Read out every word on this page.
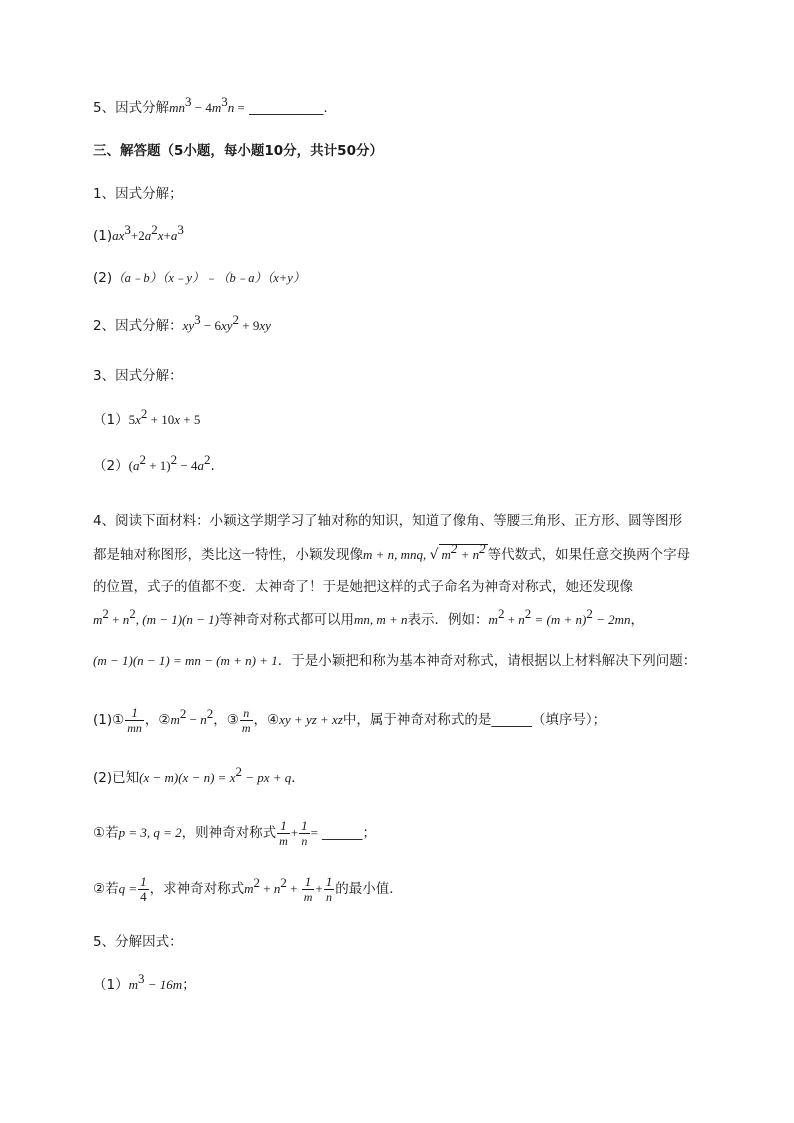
5、因式分解$mn^3 - 4m^3n$ = ___________.
三、解答题（5小题，每小题10分，共计50分）
1、因式分解；
$(1)ax^3+2a^2x+a^3$
(2)（a﹣b）（x﹣y）﹣（b﹣a）（x+y）
2、因式分解：$xy^3 - 6xy^2 + 9xy$
3、因式分解：
$(1)5x^2 + 10x + 5$
$(2)(a^2 + 1)^2 - 4a^2$.
4、阅读下面材料：小颖这学期学习了轴对称的知识，知道了像角、等腰三角形、正方形、圆等图形
都是轴对称图形，类比这一特性，小颖发现像m + n, mnq, √ $m^2 + n^2$ 等代数式，如果任意交换两个字母
的位置，式子的值都不变．太神奇了！于是她把这样的式子命名为神奇对称式，她还发现像
$m^2 + n^2$, (m − 1)(n − 1)等神奇对称式都可以用mn, m + n表示．例如：$m^2 + n^2 = (m + n)^2 - 2mn$，
(m − 1)(n − 1) = mn − (m + n) + 1．于是小颖把和称为基本神奇对称式，请根据以上材料解决下列问题：
(1)① $\frac{1}{mn}$ ，$②m^2 - n^2$，③ $\frac{n}{m}$ ，④xy + yz + xz中，属于神奇对称式的是______（填序号）；
(2)已知$(x - m)(x - n) = x^2$ − px + q．
①若p = 3, q = 2，则神奇对称式 $\frac{1}{m} + \frac{1}{n}$ = ______；
②若$q = \frac{1}{4}$ ，求神奇对称式$m^2 + n^2 + \frac{1}{m} + \frac{1}{n}$ 的最小值．
5、分解因式：
$(1)m^3 - 16m$；
